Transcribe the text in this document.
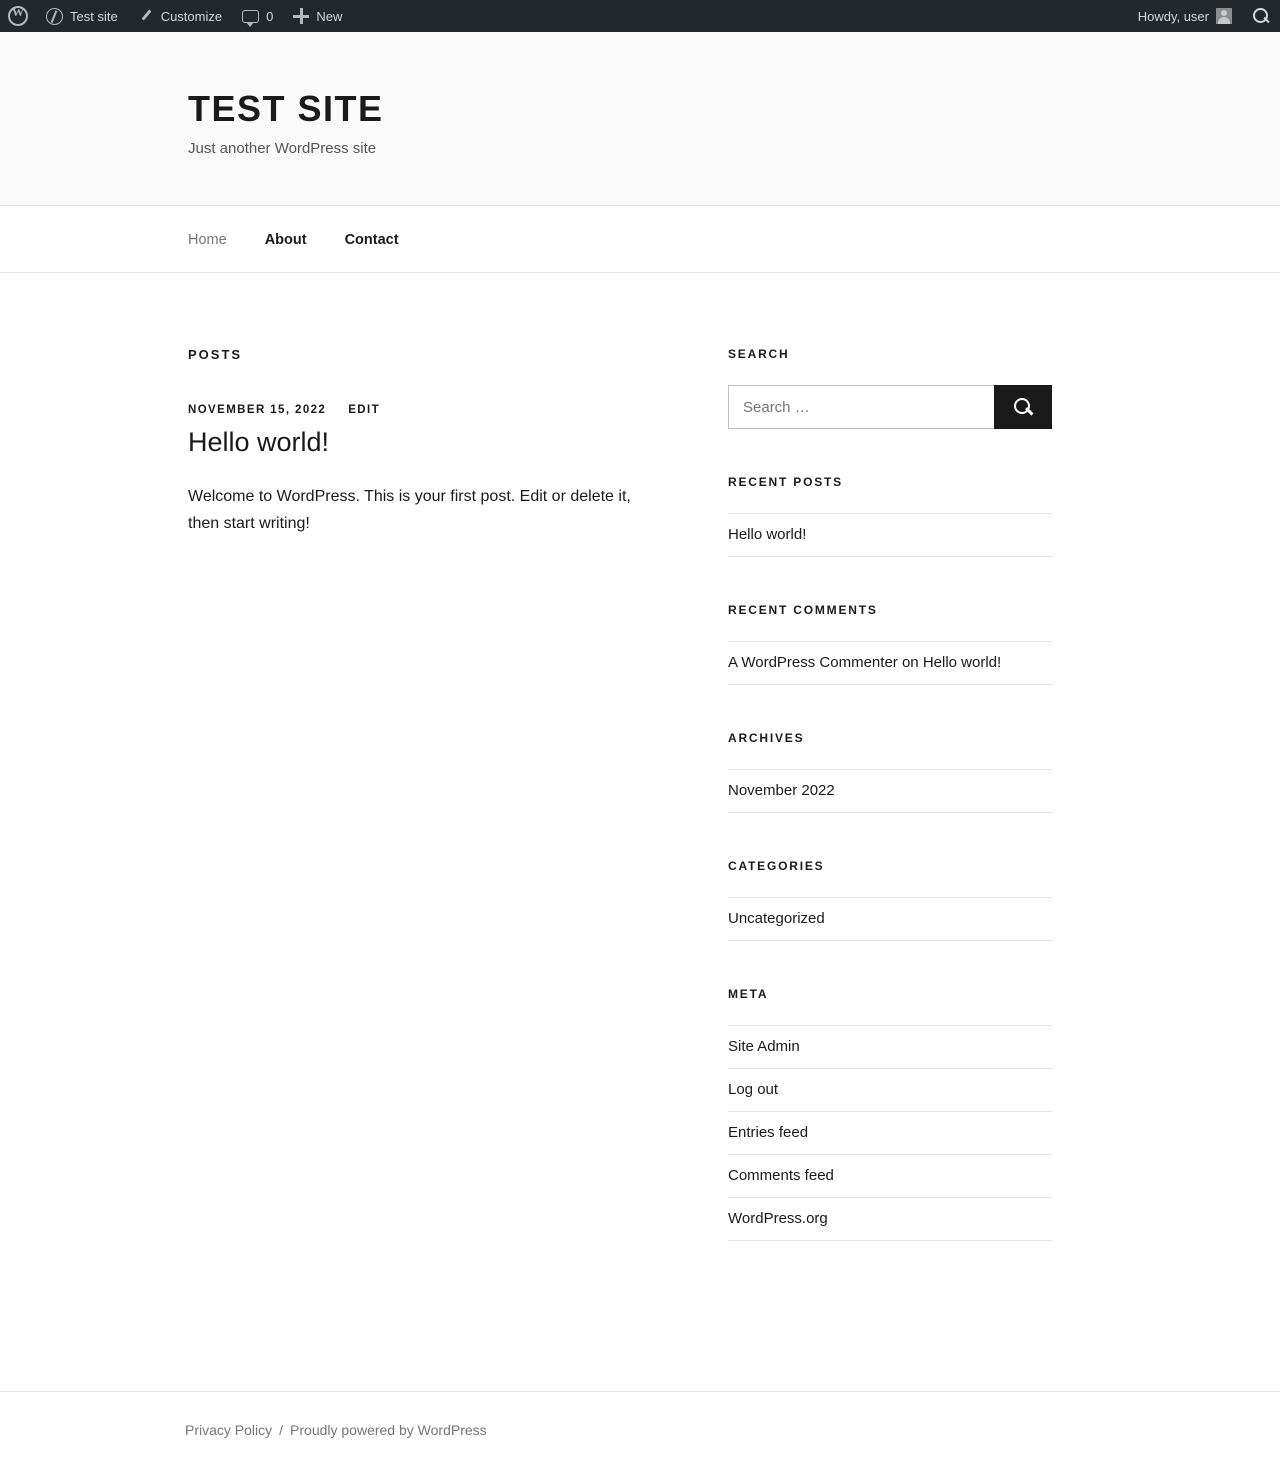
W
Test site	Customize	0	New	Howdy, user
TEST SITE

Just another WordPress site

Home	About	Contact
POSTS
NOVEMBER 15, 2022 EDIT
Hello world!

Welcome to WordPress. This is your first post. Edit or delete it, then start writing!

SEARCH
Search …
RECENT POSTS
Hello world!
RECENT COMMENTS
A WordPress Commenter on Hello world!
ARCHIVES
November 2022
CATEGORIES
Uncategorized
META
Site Admin
Log out
Entries feed
Comments feed
WordPress.org
Privacy Policy / Proudly powered by WordPress
